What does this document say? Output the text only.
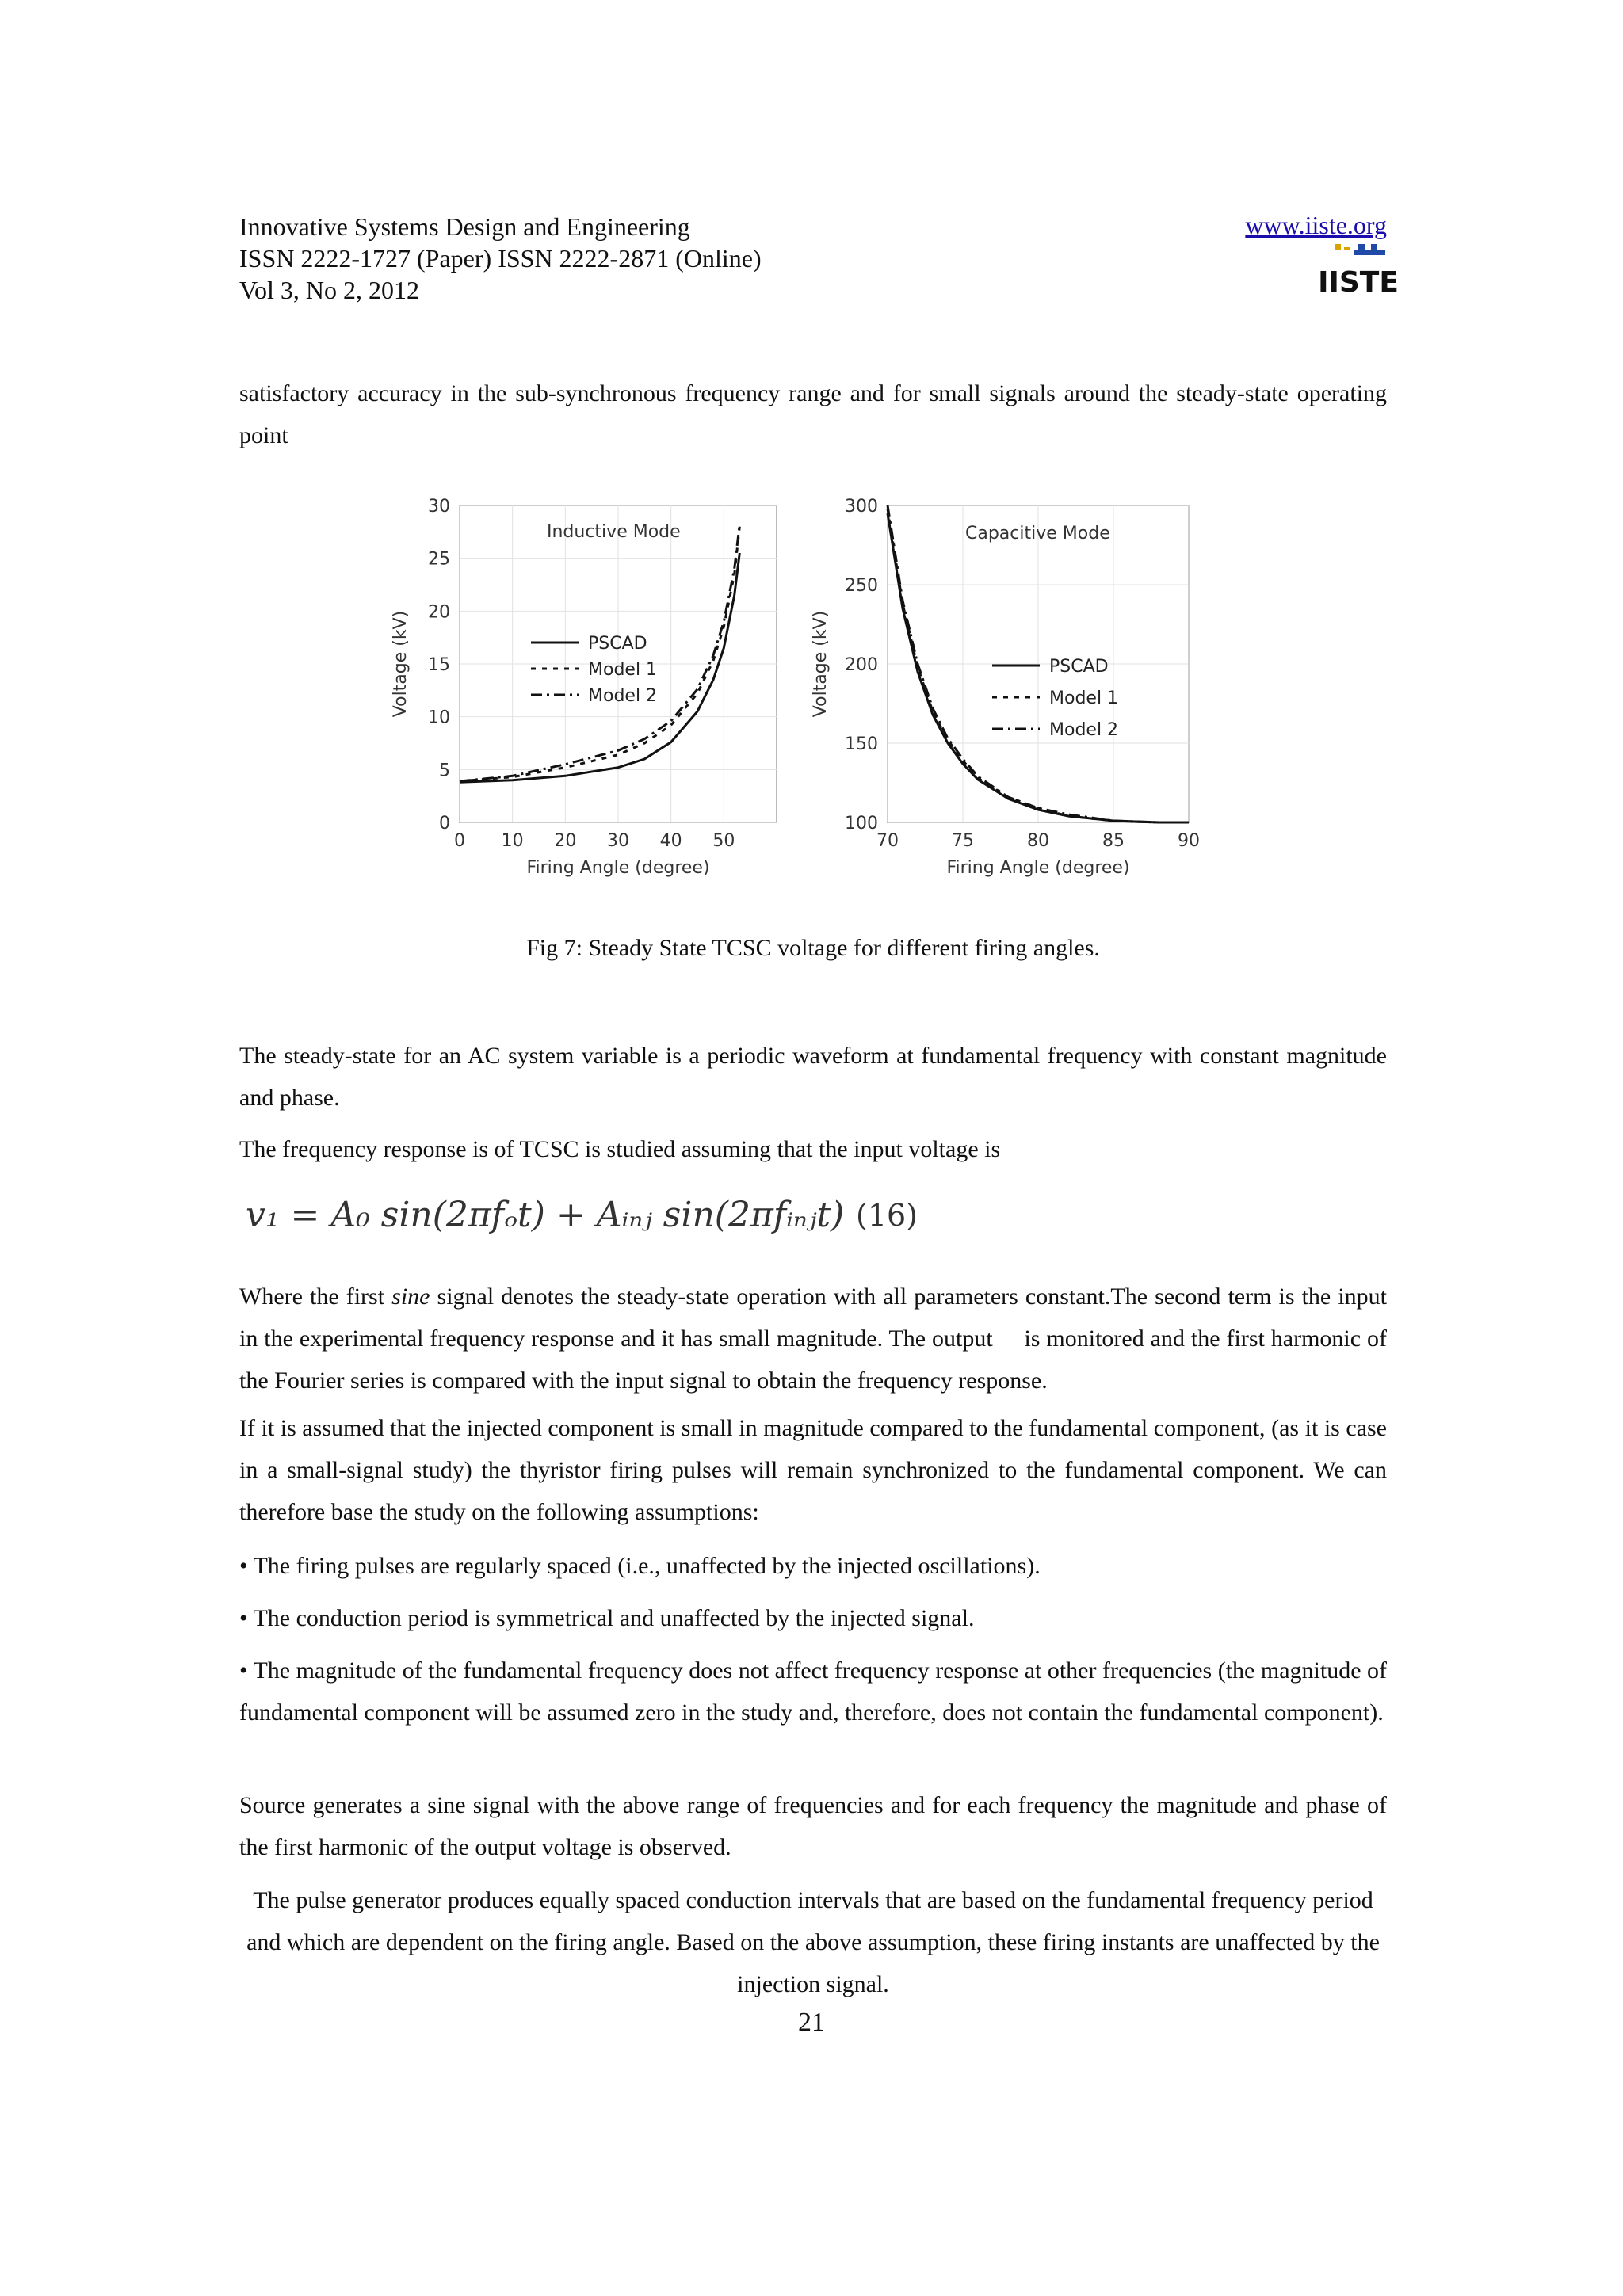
Innovative Systems Design and Engineering
ISSN 2222-1727 (Paper) ISSN 2222-2871 (Online)
Vol 3, No 2, 2012
www.iiste.org
IISTE
satisfactory accuracy in the sub-synchronous frequency range and for small signals around the steady-state operating point
0
5
10
15
20
25
30
0 10 20 30 40 50
Inductive Mode
Voltage (kV)
Firing Angle (degree)
PSCAD
Model 1
Model 2
100
150
200
250
300
70	75	80	85	90
Capacitive Mode
Voltage (kV)
Firing Angle (degree)
PSCAD
Model 1
Model 2
Fig 7: Steady State TCSC voltage for different firing angles.
The steady-state for an AC system variable is a periodic waveform at fundamental frequency with constant magnitude and phase.
The frequency response is of TCSC is studied assuming that the input voltage is
v₁ = A₀ sin(2πfₒt) + Aᵢₙⱼ sin(2πfᵢₙⱼt) (16)
Where the first sine signal denotes the steady-state operation with all parameters constant.The second term is the input in the experimental frequency response and it has small magnitude. The output     is monitored and the first harmonic of the Fourier series is compared with the input signal to obtain the frequency response.
If it is assumed that the injected component is small in magnitude compared to the fundamental component, (as it is case in a small-signal study) the thyristor firing pulses will remain synchronized to the fundamental component. We can therefore base the study on the following assumptions:
• The firing pulses are regularly spaced (i.e., unaffected by the injected oscillations).
• The conduction period is symmetrical and unaffected by the injected signal.
• The magnitude of the fundamental frequency does not affect frequency response at other frequencies (the magnitude of fundamental component will be assumed zero in the study and, therefore, does not contain the fundamental component).
Source generates a sine signal with the above range of frequencies and for each frequency the magnitude and phase of the first harmonic of the output voltage is observed.
The pulse generator produces equally spaced conduction intervals that are based on the fundamental frequency period and which are dependent on the firing angle. Based on the above assumption, these firing instants are unaffected by the injection signal.
21
